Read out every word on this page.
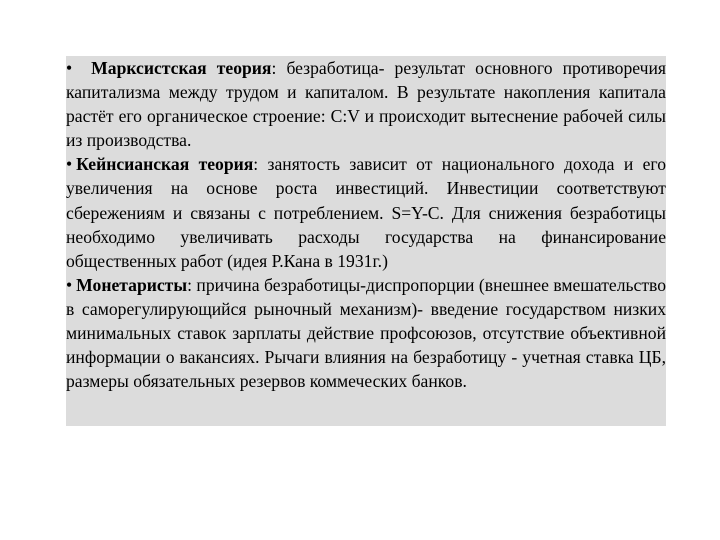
• Марксистская теория: безработица- результат основного противоречия капитализма между трудом и капиталом. В результате накопления капитала растёт его органическое строение: C:V и происходит вытеснение рабочей силы из производства.

• Кейнсианская теория: занятость зависит от национального дохода и его увеличения на основе роста инвестиций. Инвестиции соответствуют сбережениям и связаны с потреблением. S=Y-C. Для снижения безработицы необходимо увеличивать расходы государства на финансирование общественных работ (идея Р.Кана в 1931г.)

• Монетаристы: причина безработицы-диспропорции (внешнее вмешательство в саморегулирующийся рыночный механизм)- введение государством низких минимальных ставок зарплаты действие профсоюзов, отсутствие объективной информации о вакансиях. Рычаги влияния на безработицу - учетная ставка ЦБ, размеры обязательных резервов коммеческих банков.
